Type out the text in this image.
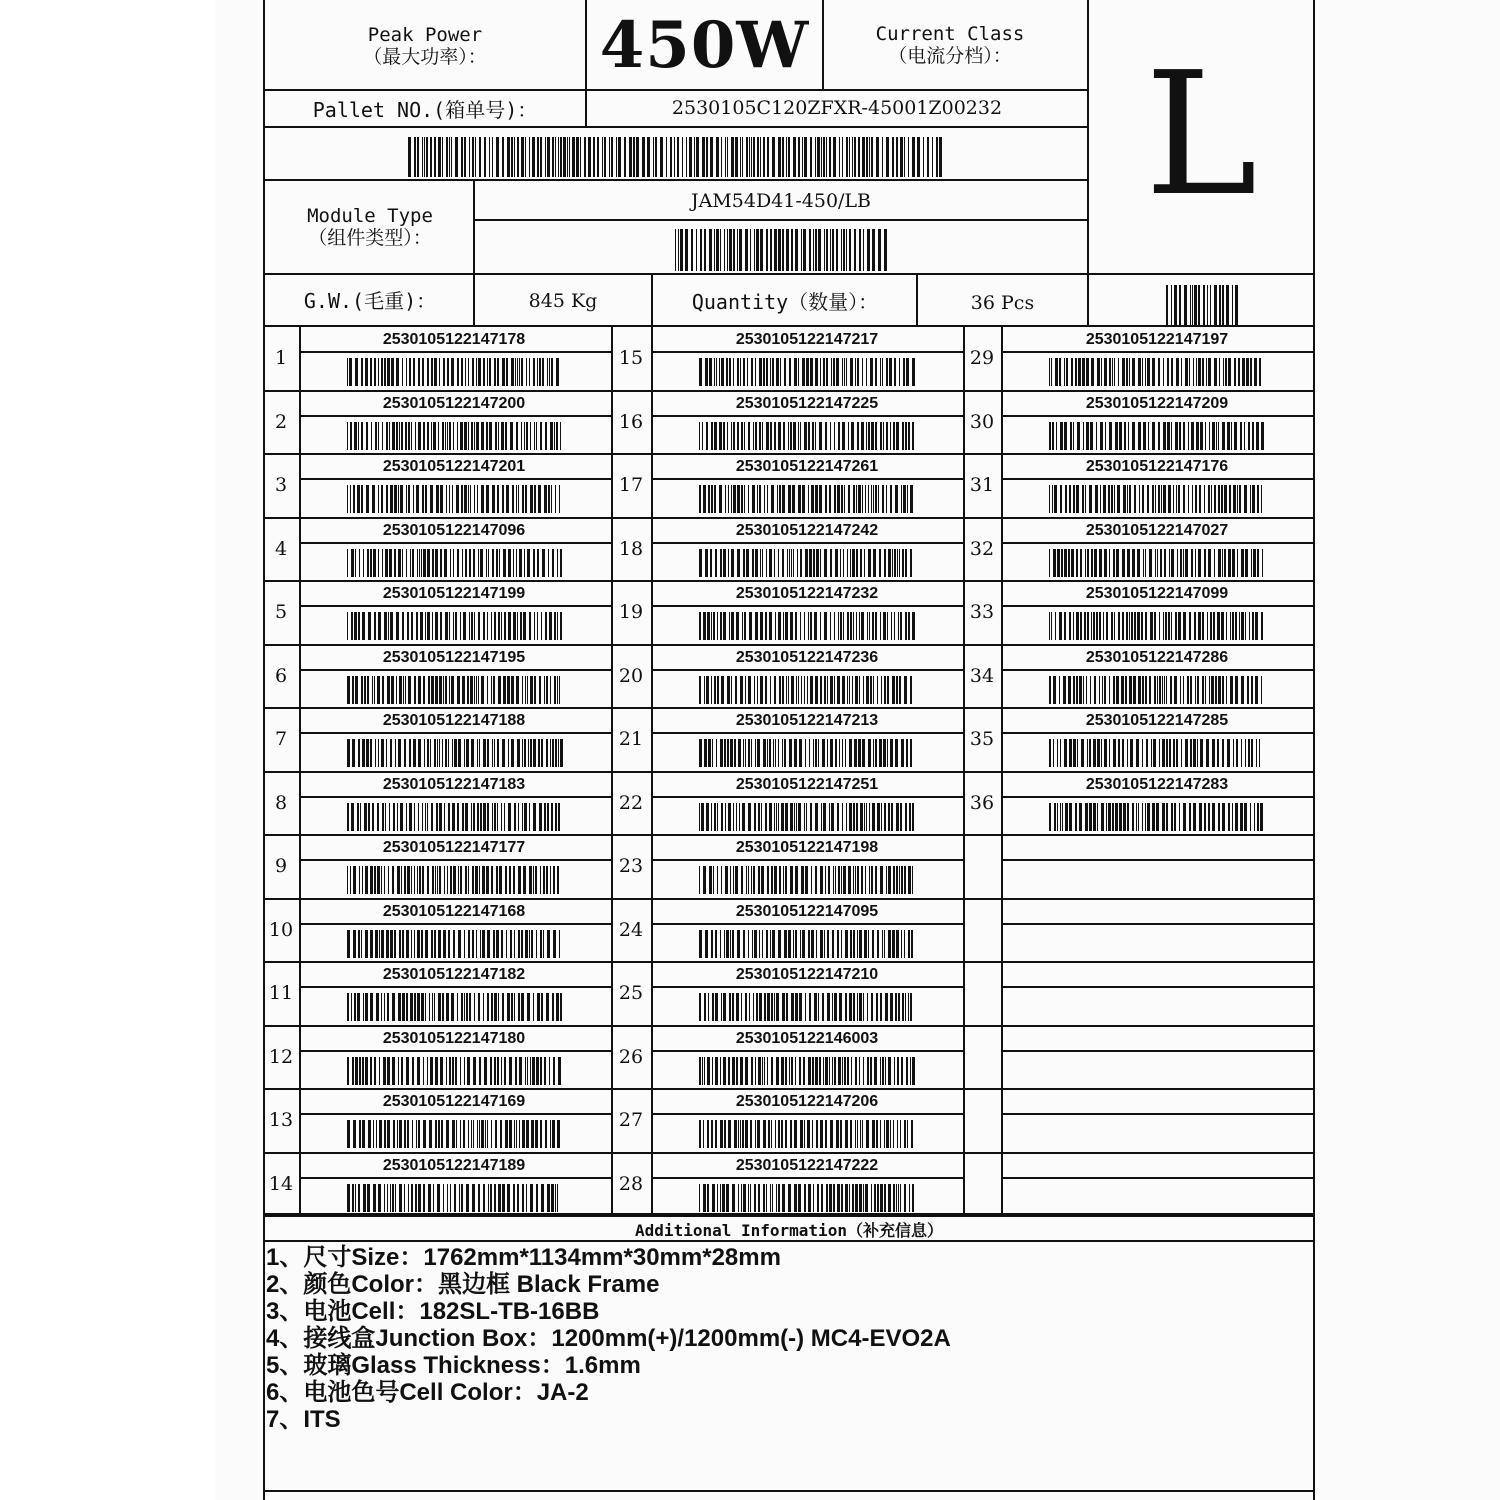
Peak Power
（最大功率）：	450W	Current Class
（电流分档）： L
Pallet NO.(箱单号)：	2530105C120ZFXR-45001Z00232
Module Type
（组件类型）：
JAM54D41-450/LB
G.W.(毛重)：	845 Kg	Quantity（数量）：	36 Pcs
1
2530105122147178
2
2530105122147200
3
2530105122147201
4
2530105122147096
5
2530105122147199
6
2530105122147195
7
2530105122147188
8
2530105122147183
9
2530105122147177
10
2530105122147168
11
2530105122147182
12
2530105122147180
13
2530105122147169
14
2530105122147189
15
2530105122147217
16
2530105122147225
17
2530105122147261
18
2530105122147242
19
2530105122147232
20
2530105122147236
21
2530105122147213
22
2530105122147251
23
2530105122147198
24
2530105122147095
25
2530105122147210
26
2530105122146003
27
2530105122147206
28
2530105122147222
29
2530105122147197
30
2530105122147209
31
2530105122147176
32
2530105122147027
33
2530105122147099
34
2530105122147286
35
2530105122147285
36
2530105122147283
Additional Information（补充信息）
1、尺寸Size：1762mm*1134mm*30mm*28mm
2、颜色Color：黑边框 Black Frame
3、电池Cell：182SL-TB-16BB
4、接线盒Junction Box：1200mm(+)/1200mm(-) MC4-EVO2A
5、玻璃Glass Thickness：1.6mm
6、电池色号Cell Color：JA-2
7、ITS
